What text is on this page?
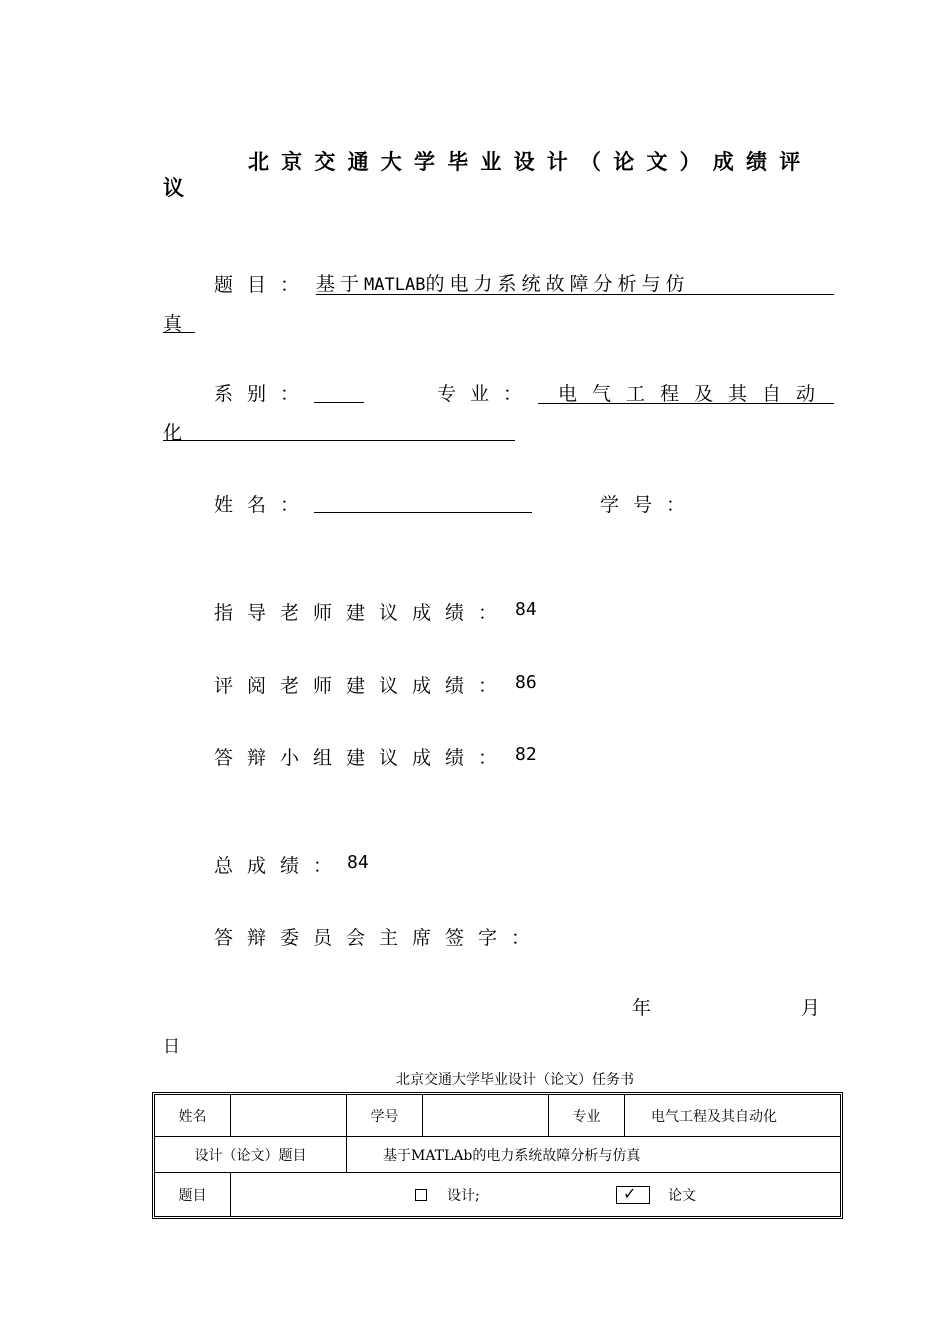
北京交通大学毕业设计（论文）成绩评
议
题目： 基于MATLAB的电力系统故障分析与仿
真
系别：	专业： 电气工程及其自动
化
姓名：	学号：
指导老师建议成绩： 84
评阅老师建议成绩： 86
答辩小组建议成绩： 82
总成绩： 84
答辩委员会主席签字：
年	月
日
北京交通大学毕业设计（论文）任务书
姓名	学号	专业	电气工程及其自动化
设计（论文）题目	基于MATLAb的电力系统故障分析与仿真
题目	设计;	✓ 论文
